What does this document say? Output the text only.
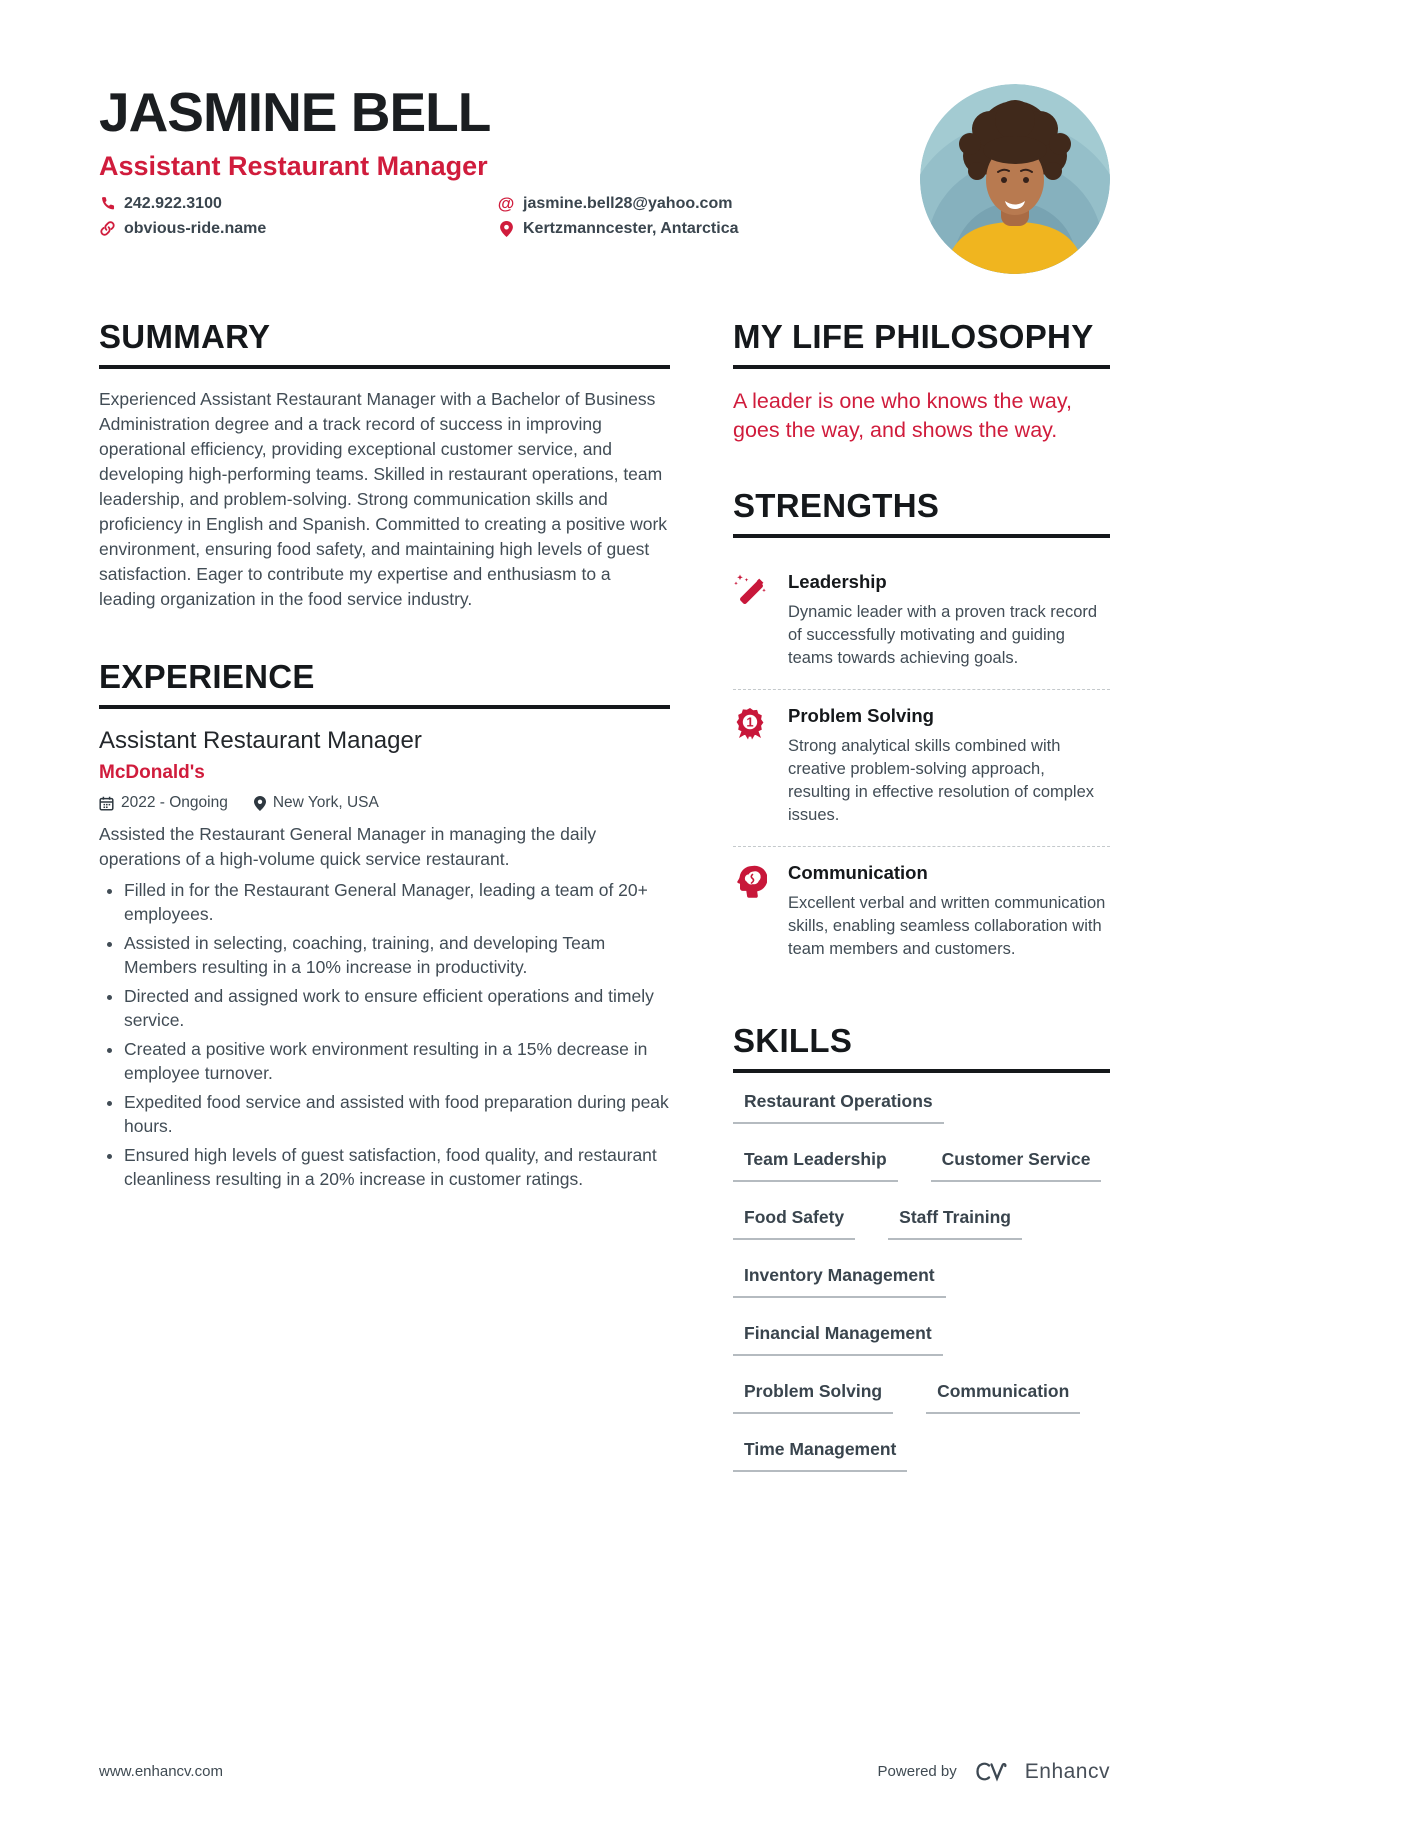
JASMINE BELL
Assistant Restaurant Manager
242.922.3100	@ jasmine.bell28@yahoo.com
obvious-ride.name	Kertzmanncester, Antarctica
SUMMARY

Experienced Assistant Restaurant Manager with a Bachelor of Business Administration degree and a track record of success in improving operational efficiency, providing exceptional customer service, and developing high-performing teams. Skilled in restaurant operations, team leadership, and problem-solving. Strong communication skills and proficiency in English and Spanish. Committed to creating a positive work environment, ensuring food safety, and maintaining high levels of guest satisfaction. Eager to contribute my expertise and enthusiasm to a leading organization in the food service industry.

EXPERIENCE
Assistant Restaurant Manager
McDonald's
2022 - Ongoing	New York, USA

Assisted the Restaurant General Manager in managing the daily operations of a high-volume quick service restaurant.

• Filled in for the Restaurant General Manager, leading a team of 20+ employees.
• Assisted in selecting, coaching, training, and developing Team Members resulting in a 10% increase in productivity.
• Directed and assigned work to ensure efficient operations and timely service.
• Created a positive work environment resulting in a 15% decrease in employee turnover.
• Expedited food service and assisted with food preparation during peak hours.
• Ensured high levels of guest satisfaction, food quality, and restaurant cleanliness resulting in a 20% increase in customer ratings.
MY LIFE PHILOSOPHY

A leader is one who knows the way, goes the way, and shows the way.

STRENGTHS
Leadership
Dynamic leader with a proven track record of successfully motivating and guiding teams towards achieving goals.
1 Problem Solving
Strong analytical skills combined with creative problem-solving approach, resulting in effective resolution of complex issues.
Communication
Excellent verbal and written communication skills, enabling seamless collaboration with team members and customers.
SKILLS
Restaurant Operations
Team Leadership	Customer Service
Food Safety	Staff Training
Inventory Management
Financial Management
Problem Solving	Communication
Time Management
www.enhancv.com	Powered by	Enhancv
